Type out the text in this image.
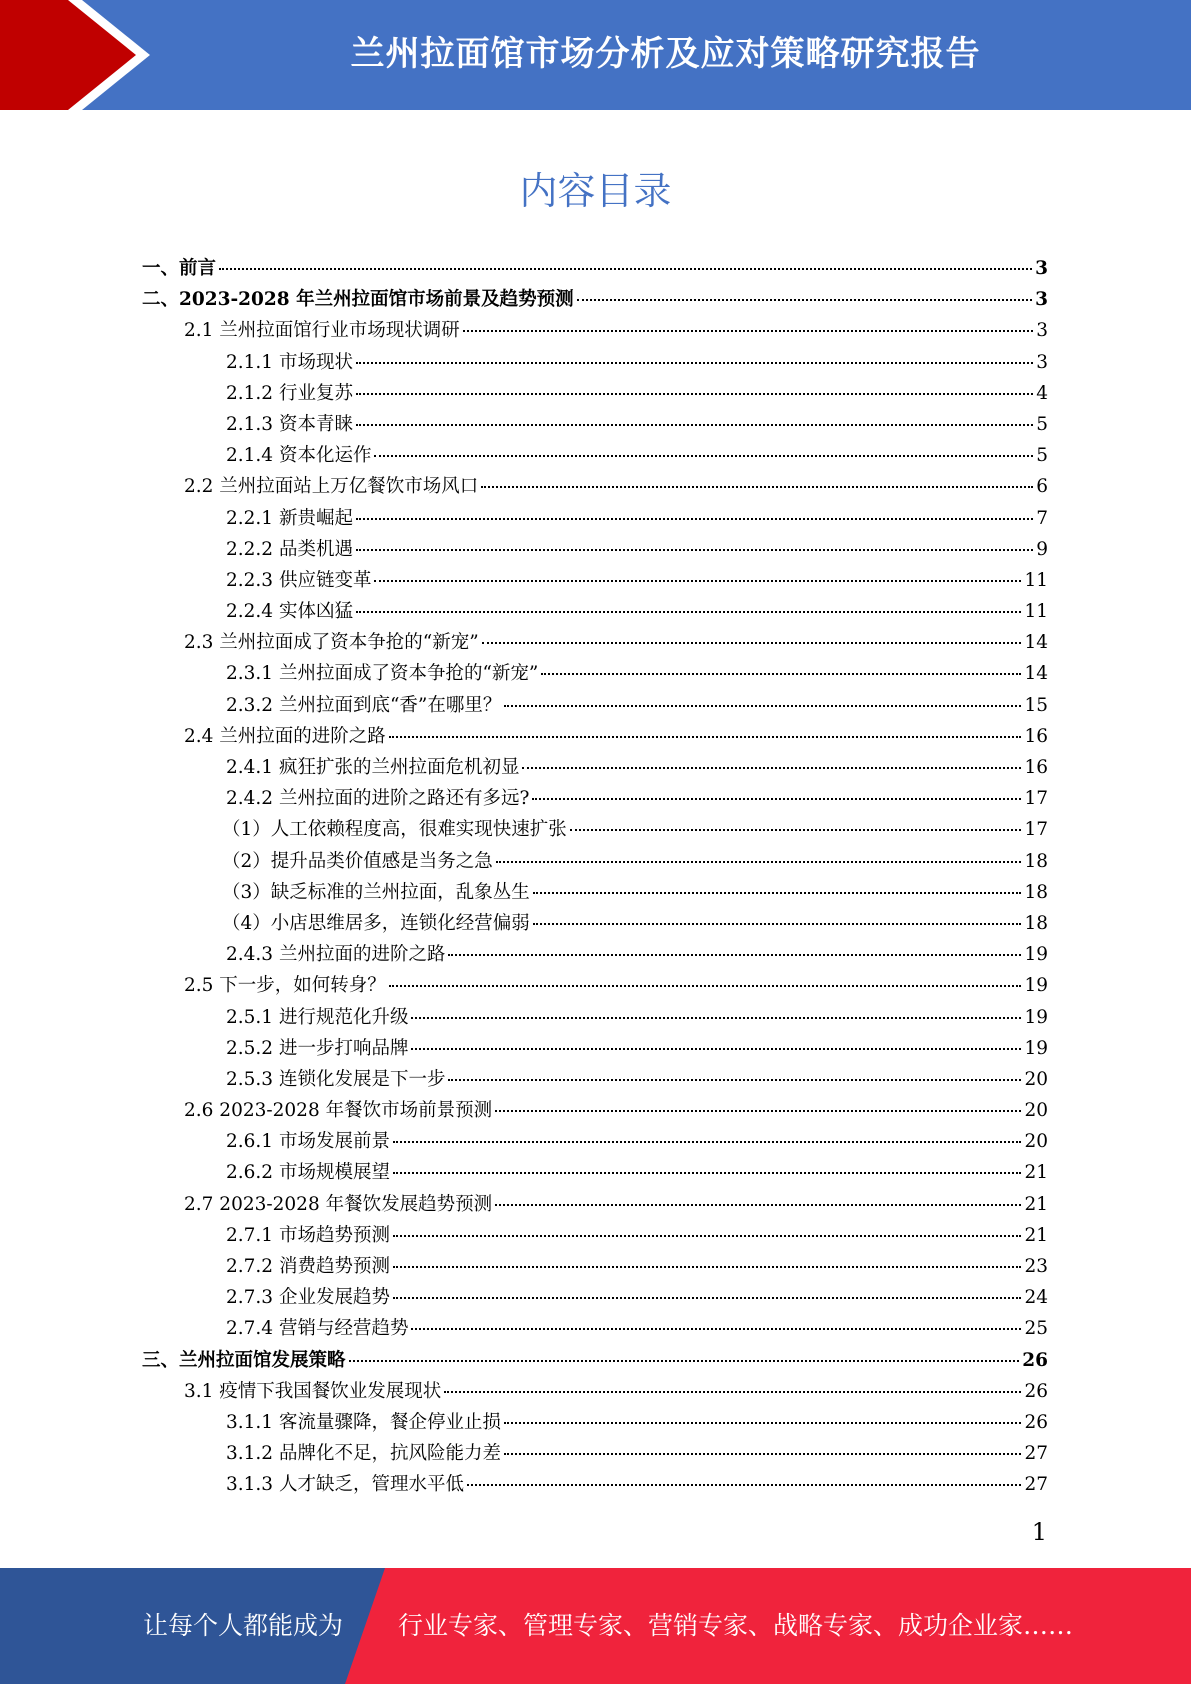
兰州拉面馆市场分析及应对策略研究报告
内容目录
一、前言	3
二、2023-2028 年兰州拉面馆市场前景及趋势预测	3
2.1 兰州拉面馆行业市场现状调研	3
2.1.1 市场现状	3
2.1.2 行业复苏	4
2.1.3 资本青睐	5
2.1.4 资本化运作	5
2.2 兰州拉面站上万亿餐饮市场风口	6
2.2.1 新贵崛起	7
2.2.2 品类机遇	9
2.2.3 供应链变革	11
2.2.4 实体凶猛	11
2.3 兰州拉面成了资本争抢的“新宠”	14
2.3.1 兰州拉面成了资本争抢的“新宠”	14
2.3.2 兰州拉面到底“香”在哪里？	15
2.4 兰州拉面的进阶之路	16
2.4.1 疯狂扩张的兰州拉面危机初显	16
2.4.2 兰州拉面的进阶之路还有多远?	17
（1）人工依赖程度高，很难实现快速扩张	17
（2）提升品类价值感是当务之急	18
（3）缺乏标准的兰州拉面，乱象丛生	18
（4）小店思维居多，连锁化经营偏弱	18
2.4.3 兰州拉面的进阶之路	19
2.5 下一步，如何转身？	19
2.5.1 进行规范化升级	19
2.5.2 进一步打响品牌	19
2.5.3 连锁化发展是下一步	20
2.6 2023-2028 年餐饮市场前景预测	20
2.6.1 市场发展前景	20
2.6.2 市场规模展望	21
2.7 2023-2028 年餐饮发展趋势预测	21
2.7.1 市场趋势预测	21
2.7.2 消费趋势预测	23
2.7.3 企业发展趋势	24
2.7.4 营销与经营趋势	25
三、兰州拉面馆发展策略	26
3.1 疫情下我国餐饮业发展现状	26
3.1.1 客流量骤降，餐企停业止损	26
3.1.2 品牌化不足，抗风险能力差	27
3.1.3 人才缺乏，管理水平低	27
1
让每个人都能成为 行业专家、管理专家、营销专家、战略专家、成功企业家……
